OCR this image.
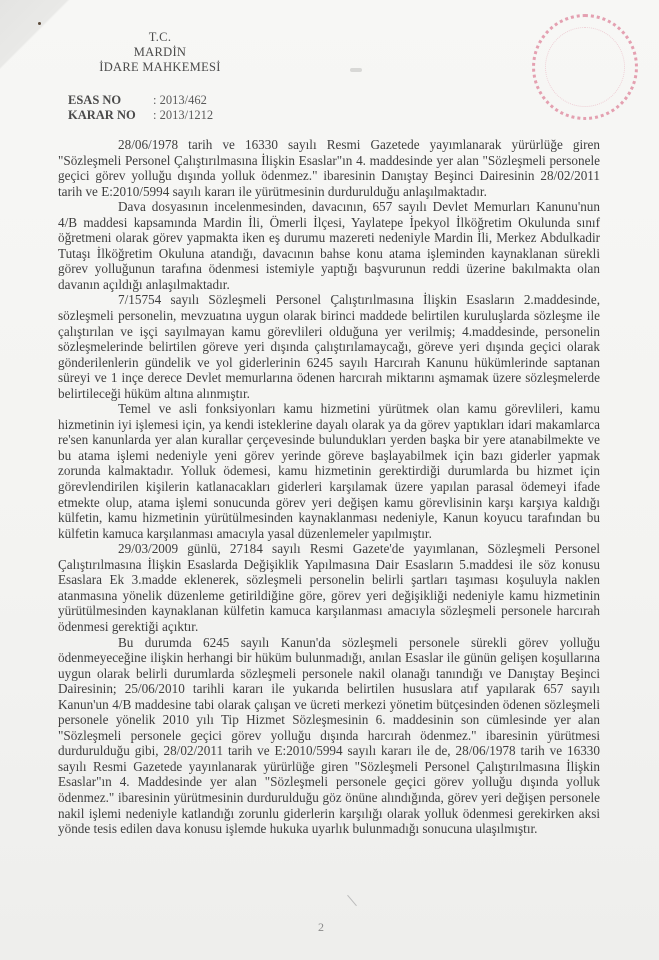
T.C.
MARDİN
İDARE MAHKEMESİ
ESAS NO	: 2013/462
KARAR NO	: 2013/1212

28/06/1978 tarih ve 16330 sayılı Resmi Gazetede yayımlanarak yürürlüğe giren "Sözleşmeli Personel Çalıştırılmasına İlişkin Esaslar"ın 4. maddesinde yer alan "Sözleşmeli personele geçici görev yolluğu dışında yolluk ödenmez." ibaresinin Danıştay Beşinci Dairesinin 28/02/2011 tarih ve E:2010/5994 sayılı kararı ile yürütmesinin durdurulduğu anlaşılmaktadır.

Dava dosyasının incelenmesinden, davacının, 657 sayılı Devlet Memurları Kanunu'nun 4/B maddesi kapsamında Mardin İli, Ömerli İlçesi, Yaylatepe İpekyol İlköğretim Okulunda sınıf öğretmeni olarak görev yapmakta iken eş durumu mazereti nedeniyle Mardin İli, Merkez Abdulkadir Tutaşı İlköğretim Okuluna atandığı, davacının bahse konu atama işleminden kaynaklanan sürekli görev yolluğunun tarafına ödenmesi istemiyle yaptığı başvurunun reddi üzerine bakılmakta olan davanın açıldığı anlaşılmaktadır.

7/15754 sayılı Sözleşmeli Personel Çalıştırılmasına İlişkin Esasların 2.maddesinde, sözleşmeli personelin, mevzuatına uygun olarak birinci maddede belirtilen kuruluşlarda sözleşme ile çalıştırılan ve işçi sayılmayan kamu görevlileri olduğuna yer verilmiş; 4.maddesinde, personelin sözleşmelerinde belirtilen göreve yeri dışında çalıştırılamaycağı, göreve yeri dışında geçici olarak gönderilenlerin gündelik ve yol giderlerinin 6245 sayılı Harcırah Kanunu hükümlerinde saptanan süreyi ve 1 inçe derece Devlet memurlarına ödenen harcırah miktarını aşmamak üzere sözleşmelerde belirtileceği hüküm altına alınmıştır.

Temel ve asli fonksiyonları kamu hizmetini yürütmek olan kamu görevlileri, kamu hizmetinin iyi işlemesi için, ya kendi isteklerine dayalı olarak ya da görev yaptıkları idari makamlarca re'sen kanunlarda yer alan kurallar çerçevesinde bulundukları yerden başka bir yere atanabilmekte ve bu atama işlemi nedeniyle yeni görev yerinde göreve başlayabilmek için bazı giderler yapmak zorunda kalmaktadır. Yolluk ödemesi, kamu hizmetinin gerektirdiği durumlarda bu hizmet için görevlendirilen kişilerin katlanacakları giderleri karşılamak üzere yapılan parasal ödemeyi ifade etmekte olup, atama işlemi sonucunda görev yeri değişen kamu görevlisinin karşı karşıya kaldığı külfetin, kamu hizmetinin yürütülmesinden kaynaklanması nedeniyle, Kanun koyucu tarafından bu külfetin kamuca karşılanması amacıyla yasal düzenlemeler yapılmıştır.

29/03/2009 günlü, 27184 sayılı Resmi Gazete'de yayımlanan, Sözleşmeli Personel Çalıştırılmasına İlişkin Esaslarda Değişiklik Yapılmasına Dair Esasların 5.maddesi ile söz konusu Esaslara Ek 3.madde eklenerek, sözleşmeli personelin belirli şartları taşıması koşuluyla naklen atanmasına yönelik düzenleme getirildiğine göre, görev yeri değişikliği nedeniyle kamu hizmetinin yürütülmesinden kaynaklanan külfetin kamuca karşılanması amacıyla sözleşmeli personele harcırah ödenmesi gerektiği açıktır.

Bu durumda 6245 sayılı Kanun'da sözleşmeli personele sürekli görev yolluğu ödenmeyeceğine ilişkin herhangi bir hüküm bulunmadığı, anılan Esaslar ile günün gelişen koşullarına uygun olarak belirli durumlarda sözleşmeli personele nakil olanağı tanındığı ve Danıştay Beşinci Dairesinin; 25/06/2010 tarihli kararı ile yukarıda belirtilen hususlara atıf yapılarak 657 sayılı Kanun'un 4/B maddesine tabi olarak çalışan ve ücreti merkezi yönetim bütçesinden ödenen sözleşmeli personele yönelik 2010 yılı Tip Hizmet Sözleşmesinin 6. maddesinin son cümlesinde yer alan "Sözleşmeli personele geçici görev yolluğu dışında harcırah ödenmez." ibaresinin yürütmesi durdurulduğu gibi, 28/02/2011 tarih ve E:2010/5994 sayılı kararı ile de, 28/06/1978 tarih ve 16330 sayılı Resmi Gazetede yayınlanarak yürürlüğe giren "Sözleşmeli Personel Çalıştırılmasına İlişkin Esaslar"ın 4. Maddesinde yer alan "Sözleşmeli personele geçici görev yolluğu dışında yolluk ödenmez." ibaresinin yürütmesinin durdurulduğu göz önüne alındığında, görev yeri değişen personele nakil işlemi nedeniyle katlandığı zorunlu giderlerin karşılığı olarak yolluk ödenmesi gerekirken aksi yönde tesis edilen dava konusu işlemde hukuka uyarlık bulunmadığı sonucuna ulaşılmıştır.

2
